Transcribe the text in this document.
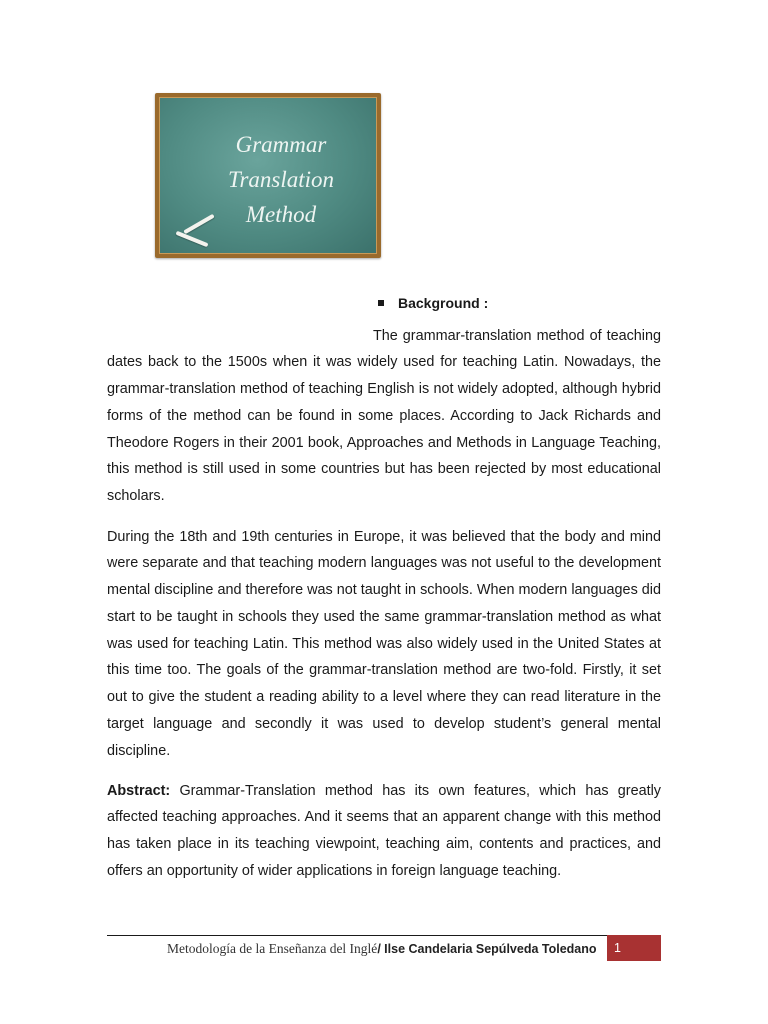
Grammar
Translation
Method
Background :

The grammar-translation method of teaching dates back to the 1500s when it was widely used for teaching Latin. Nowadays, the grammar-translation method of teaching English is not widely adopted, although hybrid forms of the method can be found in some places. According to Jack Richards and Theodore Rogers in their 2001 book, Approaches and Methods in Language Teaching, this method is still used in some countries but has been rejected by most educational scholars.

During the 18th and 19th centuries in Europe, it was believed that the body and mind were separate and that teaching modern languages was not useful to the development mental discipline and therefore was not taught in schools. When modern languages did start to be taught in schools they used the same grammar-translation method as what was used for teaching Latin. This method was also widely used in the United States at this time too. The goals of the grammar-translation method are two-fold. Firstly, it set out to give the student a reading ability to a level where they can read literature in the target language and secondly it was used to develop student’s general mental discipline.

Abstract: Grammar-Translation method has its own features, which has greatly affected teaching approaches. And it seems that an apparent change with this method has taken place in its teaching viewpoint, teaching aim, contents and practices, and offers an opportunity of wider applications in foreign language teaching.

Metodología de la Enseñanza del Inglé/ Ilse Candelaria Sepúlveda Toledano	1
